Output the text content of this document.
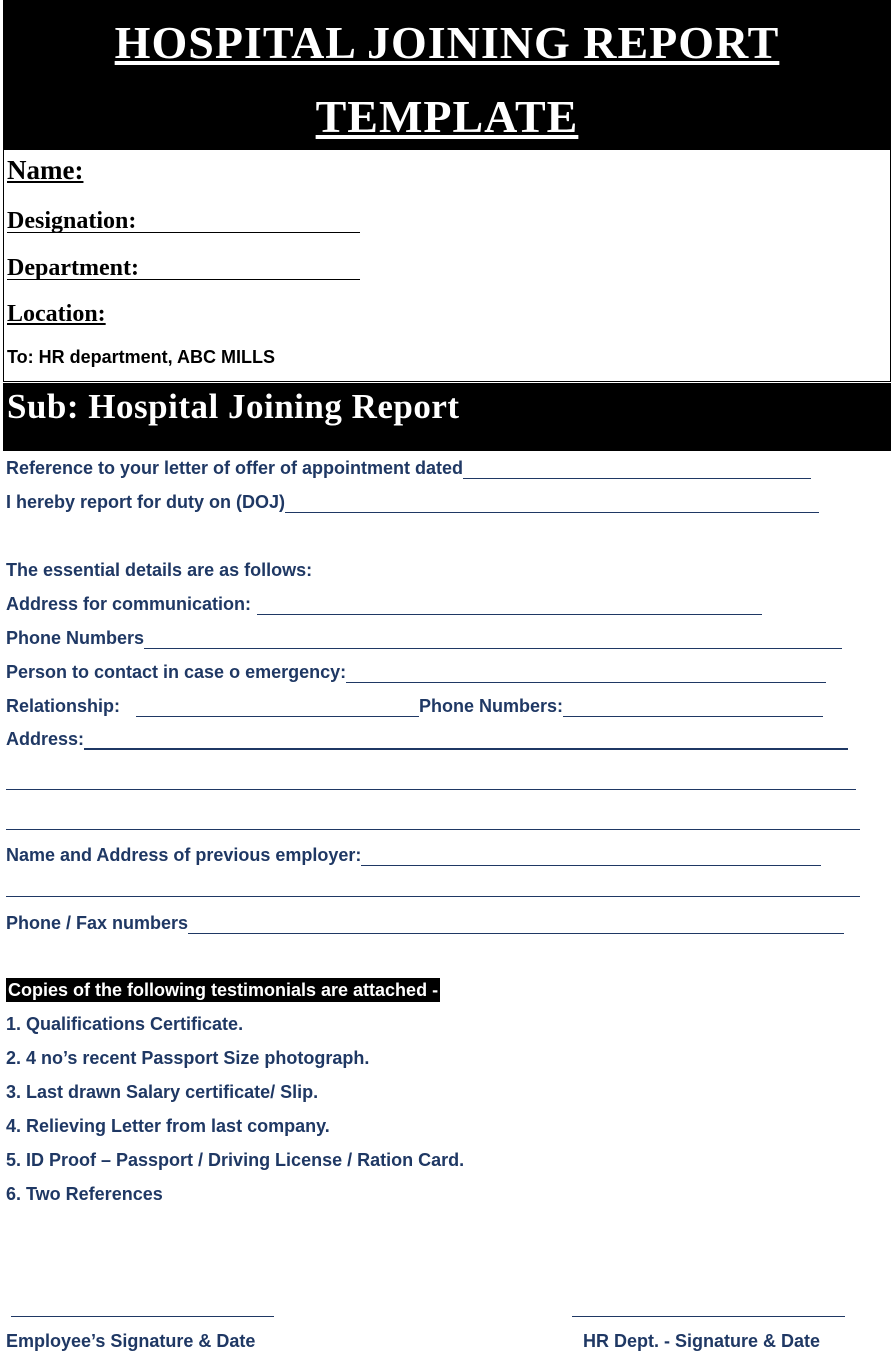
HOSPITAL JOINING REPORT
TEMPLATE
Name:
Designation:
Department:
Location:
To: HR department, ABC MILLS
Sub: Hospital Joining Report
Reference to your letter of offer of appointment dated
I hereby report for duty on (DOJ)
The essential details are as follows:
Address for communication:
Phone Numbers
Person to contact in case o emergency:
Relationship:	Phone Numbers:
Address:
Name and Address of previous employer:
Phone / Fax numbers
Copies of the following testimonials are attached -
1. Qualifications Certificate.
2. 4 no’s recent Passport Size photograph.
3. Last drawn Salary certificate/ Slip.
4. Relieving Letter from last company.
5. ID Proof – Passport / Driving License / Ration Card.
6. Two References
Employee’s Signature & Date	HR Dept. - Signature & Date
